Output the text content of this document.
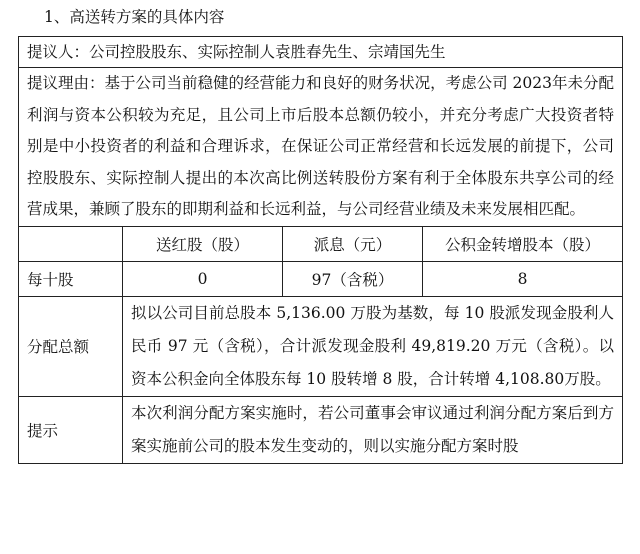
1、高送转方案的具体内容
提议人：公司控股股东、实际控制人袁胜春先生、宗靖国先生			

提议理由：基于公司当前稳健的经营能力和良好的财务状况，考虑公司 2023年未分配利润与资本公积较为充足，且公司上市后股本总额仍较小，并充分考虑广大投资者特别是中小投资者的利益和合理诉求，在保证公司正常经营和长远发展的前提下，公司控股股东、实际控制人提出的本次高比例送转股份方案有利于全体股东共享公司的经营成果，兼顾了股东的即期利益和长远利益，与公司经营业绩及未来发展相匹配。			

	送红股（股）	派息（元）	公积金转增股本（股）
每十股	0	97（含税）	8
分配总额	拟以公司目前总股本 5,136.00 万股为基数，每 10 股派发现金股利人民币 97 元（含税），合计派发现金股利 49,819.20 万元（含税）。以资本公积金向全体股东每 10 股转增 8 股，合计转增 4,108.80万股。		

提示	本次利润分配方案实施时，若公司董事会审议通过利润分配方案后到方案实施前公司的股本发生变动的，则以实施分配方案时股		
